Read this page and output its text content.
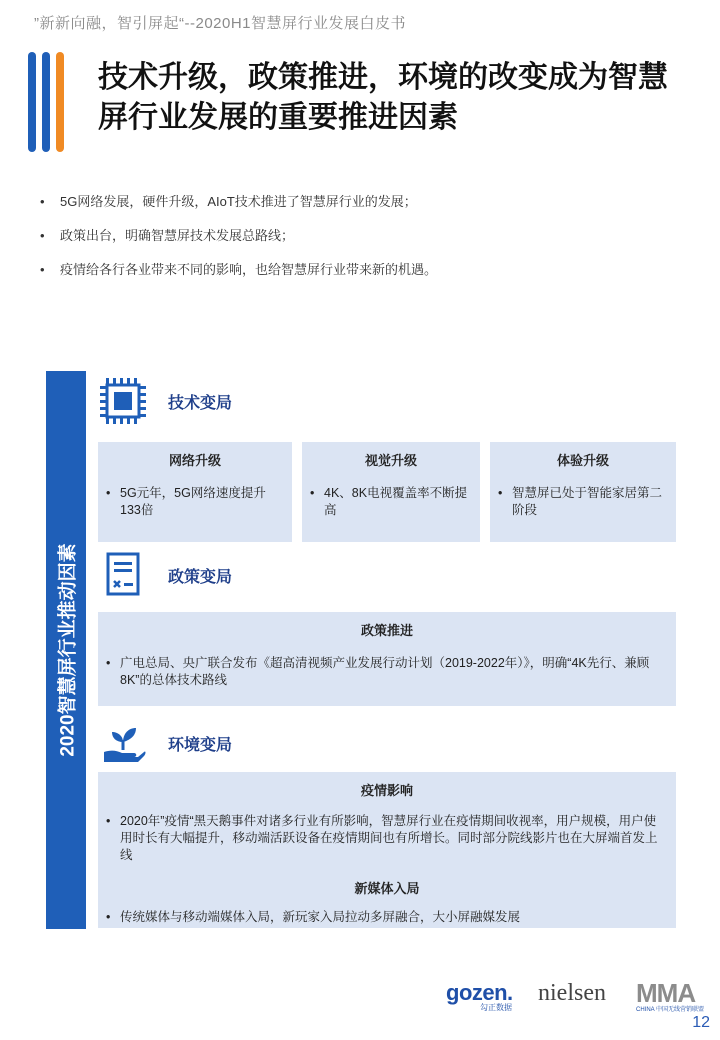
”新新向融，智引屏起“--2020H1智慧屏行业发展白皮书
技术升级，政策推进，环境的改变成为智慧
屏行业发展的重要推进因素
• 5G网络发展，硬件升级，AIoT技术推进了智慧屏行业的发展；
• 政策出台，明确智慧屏技术发展总路线；
• 疫情给各行各业带来不同的影响，也给智慧屏行业带来新的机遇。
2020智慧屏行业推动因素
技术变局
网络升级
• 5G元年，5G网络速度提升133倍
视觉升级
• 4K、8K电视覆盖率不断提高
体验升级
• 智慧屏已处于智能家居第二阶段
政策变局
政策推进
• 广电总局、央广联合发布《超高清视频产业发展行动计划（2019-2022年）》，明确“4K先行、兼顾8K”的总体技术路线
环境变局
疫情影响
• 2020年”疫情“黑天鹅事件对诸多行业有所影响，智慧屏行业在疫情期间收视率，用户规模，用户使用时长有大幅提升，移动端活跃设备在疫情期间也有所增长。同时部分院线影片也在大屏端首发上线
新媒体入局
• 传统媒体与移动端媒体入局，新玩家入局拉动多屏融合，大小屏融媒发展
gozen.
勾正数据
nielsen MMA
CHINA 中国无线营销联盟
12
